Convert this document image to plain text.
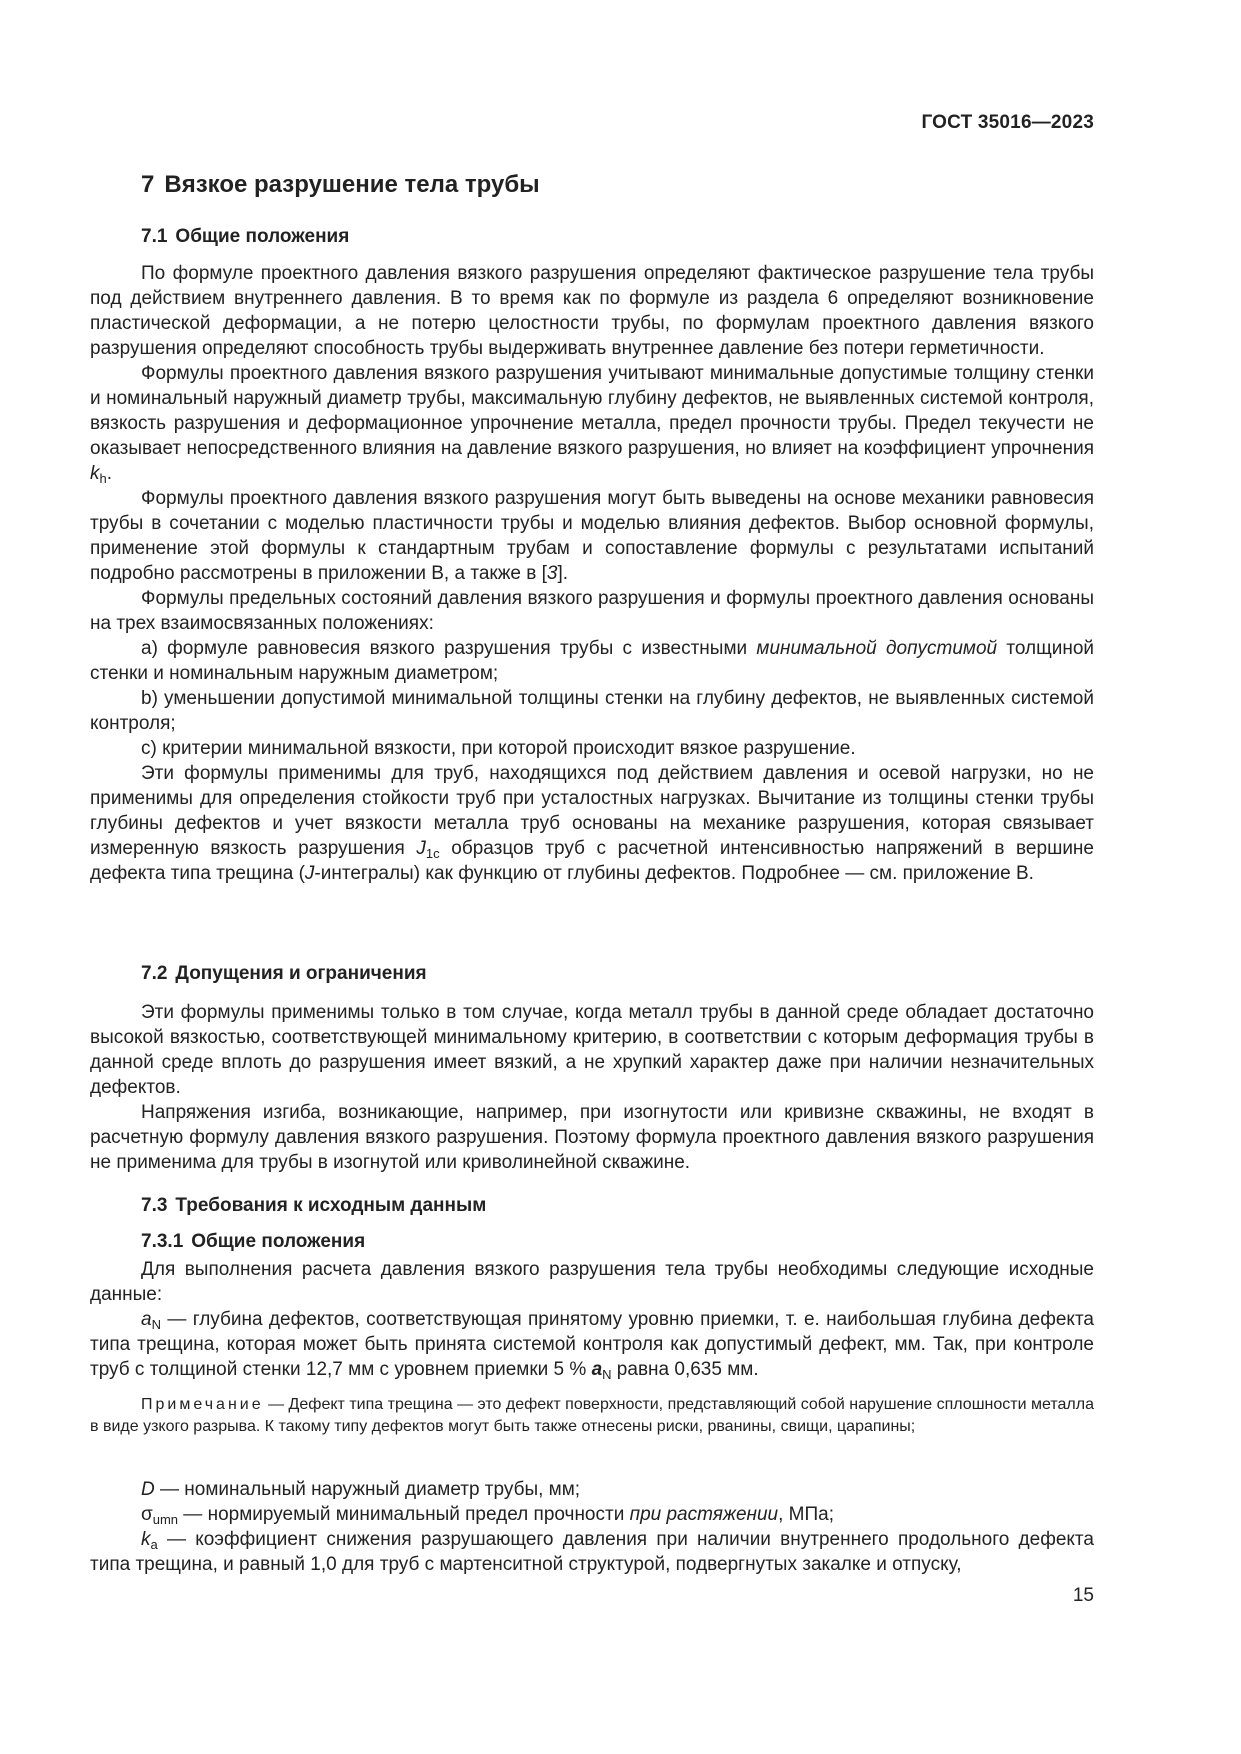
ГОСТ 35016—2023
7 Вязкое разрушение тела трубы
7.1 Общие положения

По формуле проектного давления вязкого разрушения определяют фактическое разрушение тела трубы под действием внутреннего давления. В то время как по формуле из раздела 6 определяют возникновение пластической деформации, а не потерю целостности трубы, по формулам проектного давления вязкого разрушения определяют способность трубы выдерживать внутреннее давление без потери герметичности.

Формулы проектного давления вязкого разрушения учитывают минимальные допустимые толщину стенки и номинальный наружный диаметр трубы, максимальную глубину дефектов, не выявленных системой контроля, вязкость разрушения и деформационное упрочнение металла, предел прочности трубы. Предел текучести не оказывает непосредственного влияния на давление вязкого разрушения, но влияет на коэффициент упрочнения $k_h$.

Формулы проектного давления вязкого разрушения могут быть выведены на основе механики равновесия трубы в сочетании с моделью пластичности трубы и моделью влияния дефектов. Выбор основной формулы, применение этой формулы к стандартным трубам и сопоставление формулы с результатами испытаний подробно рассмотрены в приложении В, а также в [3].

Формулы предельных состояний давления вязкого разрушения и формулы проектного давления основаны на трех взаимосвязанных положениях:

a) формуле равновесия вязкого разрушения трубы с известными минимальной допустимой толщиной стенки и номинальным наружным диаметром;

b) уменьшении допустимой минимальной толщины стенки на глубину дефектов, не выявленных системой контроля;

c) критерии минимальной вязкости, при которой происходит вязкое разрушение.

Эти формулы применимы для труб, находящихся под действием давления и осевой нагрузки, но не применимы для определения стойкости труб при усталостных нагрузках. Вычитание из толщины стенки трубы глубины дефектов и учет вязкости металла труб основаны на механике разрушения, которая связывает измеренную вязкость разрушения $J_{1c}$ образцов труб с расчетной интенсивностью напряжений в вершине дефекта типа трещина (J-интегралы) как функцию от глубины дефектов. Подробнее — см. приложение В.

7.2 Допущения и ограничения

Эти формулы применимы только в том случае, когда металл трубы в данной среде обладает достаточно высокой вязкостью, соответствующей минимальному критерию, в соответствии с которым деформация трубы в данной среде вплоть до разрушения имеет вязкий, а не хрупкий характер даже при наличии незначительных дефектов.

Напряжения изгиба, возникающие, например, при изогнутости или кривизне скважины, не входят в расчетную формулу давления вязкого разрушения. Поэтому формула проектного давления вязкого разрушения не применима для трубы в изогнутой или криволинейной скважине.

7.3 Требования к исходным данным
7.3.1 Общие положения

Для выполнения расчета давления вязкого разрушения тела трубы необходимы следующие исходные данные:

$a_N$ — глубина дефектов, соответствующая принятому уровню приемки, т. е. наибольшая глубина дефекта типа трещина, которая может быть принята системой контроля как допустимый дефект, мм. Так, при контроле труб с толщиной стенки 12,7 мм с уровнем приемки 5 % $a_N$ равна 0,635 мм.

Примечание — Дефект типа трещина — это дефект поверхности, представляющий собой нарушение сплошности металла в виде узкого разрыва. К такому типу дефектов могут быть также отнесены риски, рванины, свищи, царапины;

D — номинальный наружный диаметр трубы, мм;

$\sigma_{umn}$ — нормируемый минимальный предел прочности при растяжении, МПа;

$k_a$ — коэффициент снижения разрушающего давления при наличии внутреннего продольного дефекта типа трещина, и равный 1,0 для труб с мартенситной структурой, подвергнутых закалке и отпуску,

15
